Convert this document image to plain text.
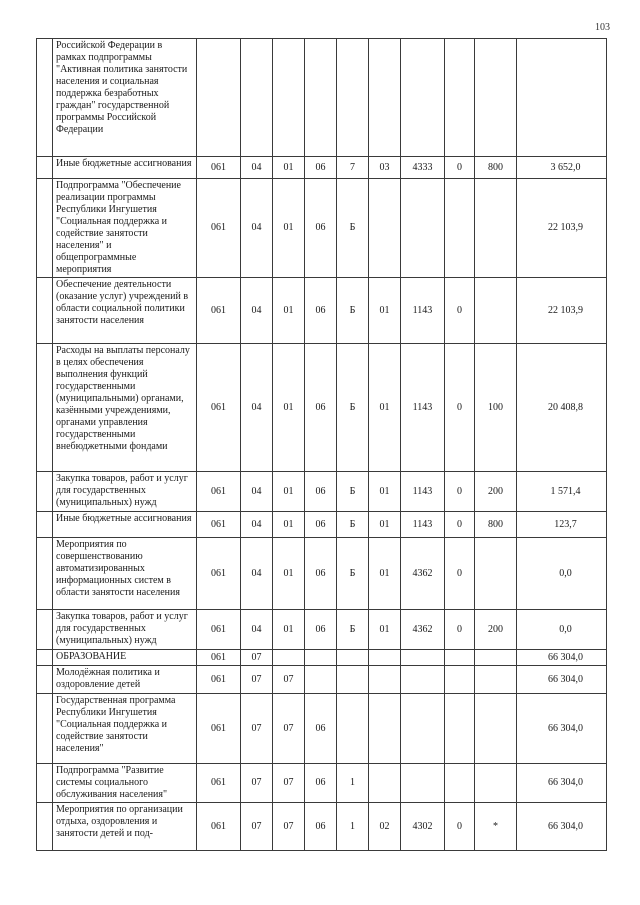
103
	Российской Федерации в рамках подпрограммы "Активная политика занятости населения и социальная поддержка безработных граждан" государственной программы Российской Федерации										
	Иные бюджетные ассигнования	061	04	01	06	7	03	4333	0	800	3 652,0
	Подпрограмма "Обеспечение реализации программы Республики Ингушетия "Социальная поддержка и содействие занятости населения" и общепрограммные мероприятия	061	04	01	06	Б					22 103,9
	Обеспечение деятельности (оказание услуг) учреждений в области социальной политики занятости населения	061	04	01	06	Б	01	1143	0		22 103,9
	Расходы на выплаты персоналу в целях обеспечения выполнения функций государственными (муниципальными) органами, казёнными учреждениями, органами управления государственными внебюджетными фондами	061	04	01	06	Б	01	1143	0	100	20 408,8
	Закупка товаров, работ и услуг для государственных (муниципальных) нужд	061	04	01	06	Б	01	1143	0	200	1 571,4
	Иные бюджетные ассигнования	061	04	01	06	Б	01	1143	0	800	123,7
	Мероприятия по совершенствованию автоматизированных информационных систем в области занятости населения	061	04	01	06	Б	01	4362	0		0,0
	Закупка товаров, работ и услуг для государственных (муниципальных) нужд	061	04	01	06	Б	01	4362	0	200	0,0
	ОБРАЗОВАНИЕ	061	07								66 304,0
	Молодёжная политика и оздоровление детей	061	07	07							66 304,0
	Государственная программа Республики Ингушетия "Социальная поддержка и содействие занятости населения"	061	07	07	06						66 304,0
	Подпрограмма "Развитие системы социального обслуживания населения"	061	07	07	06	1					66 304,0
	Мероприятия по организации отдыха, оздоровления и занятости детей и под-	061	07	07	06	1	02	4302	0	*	66 304,0
